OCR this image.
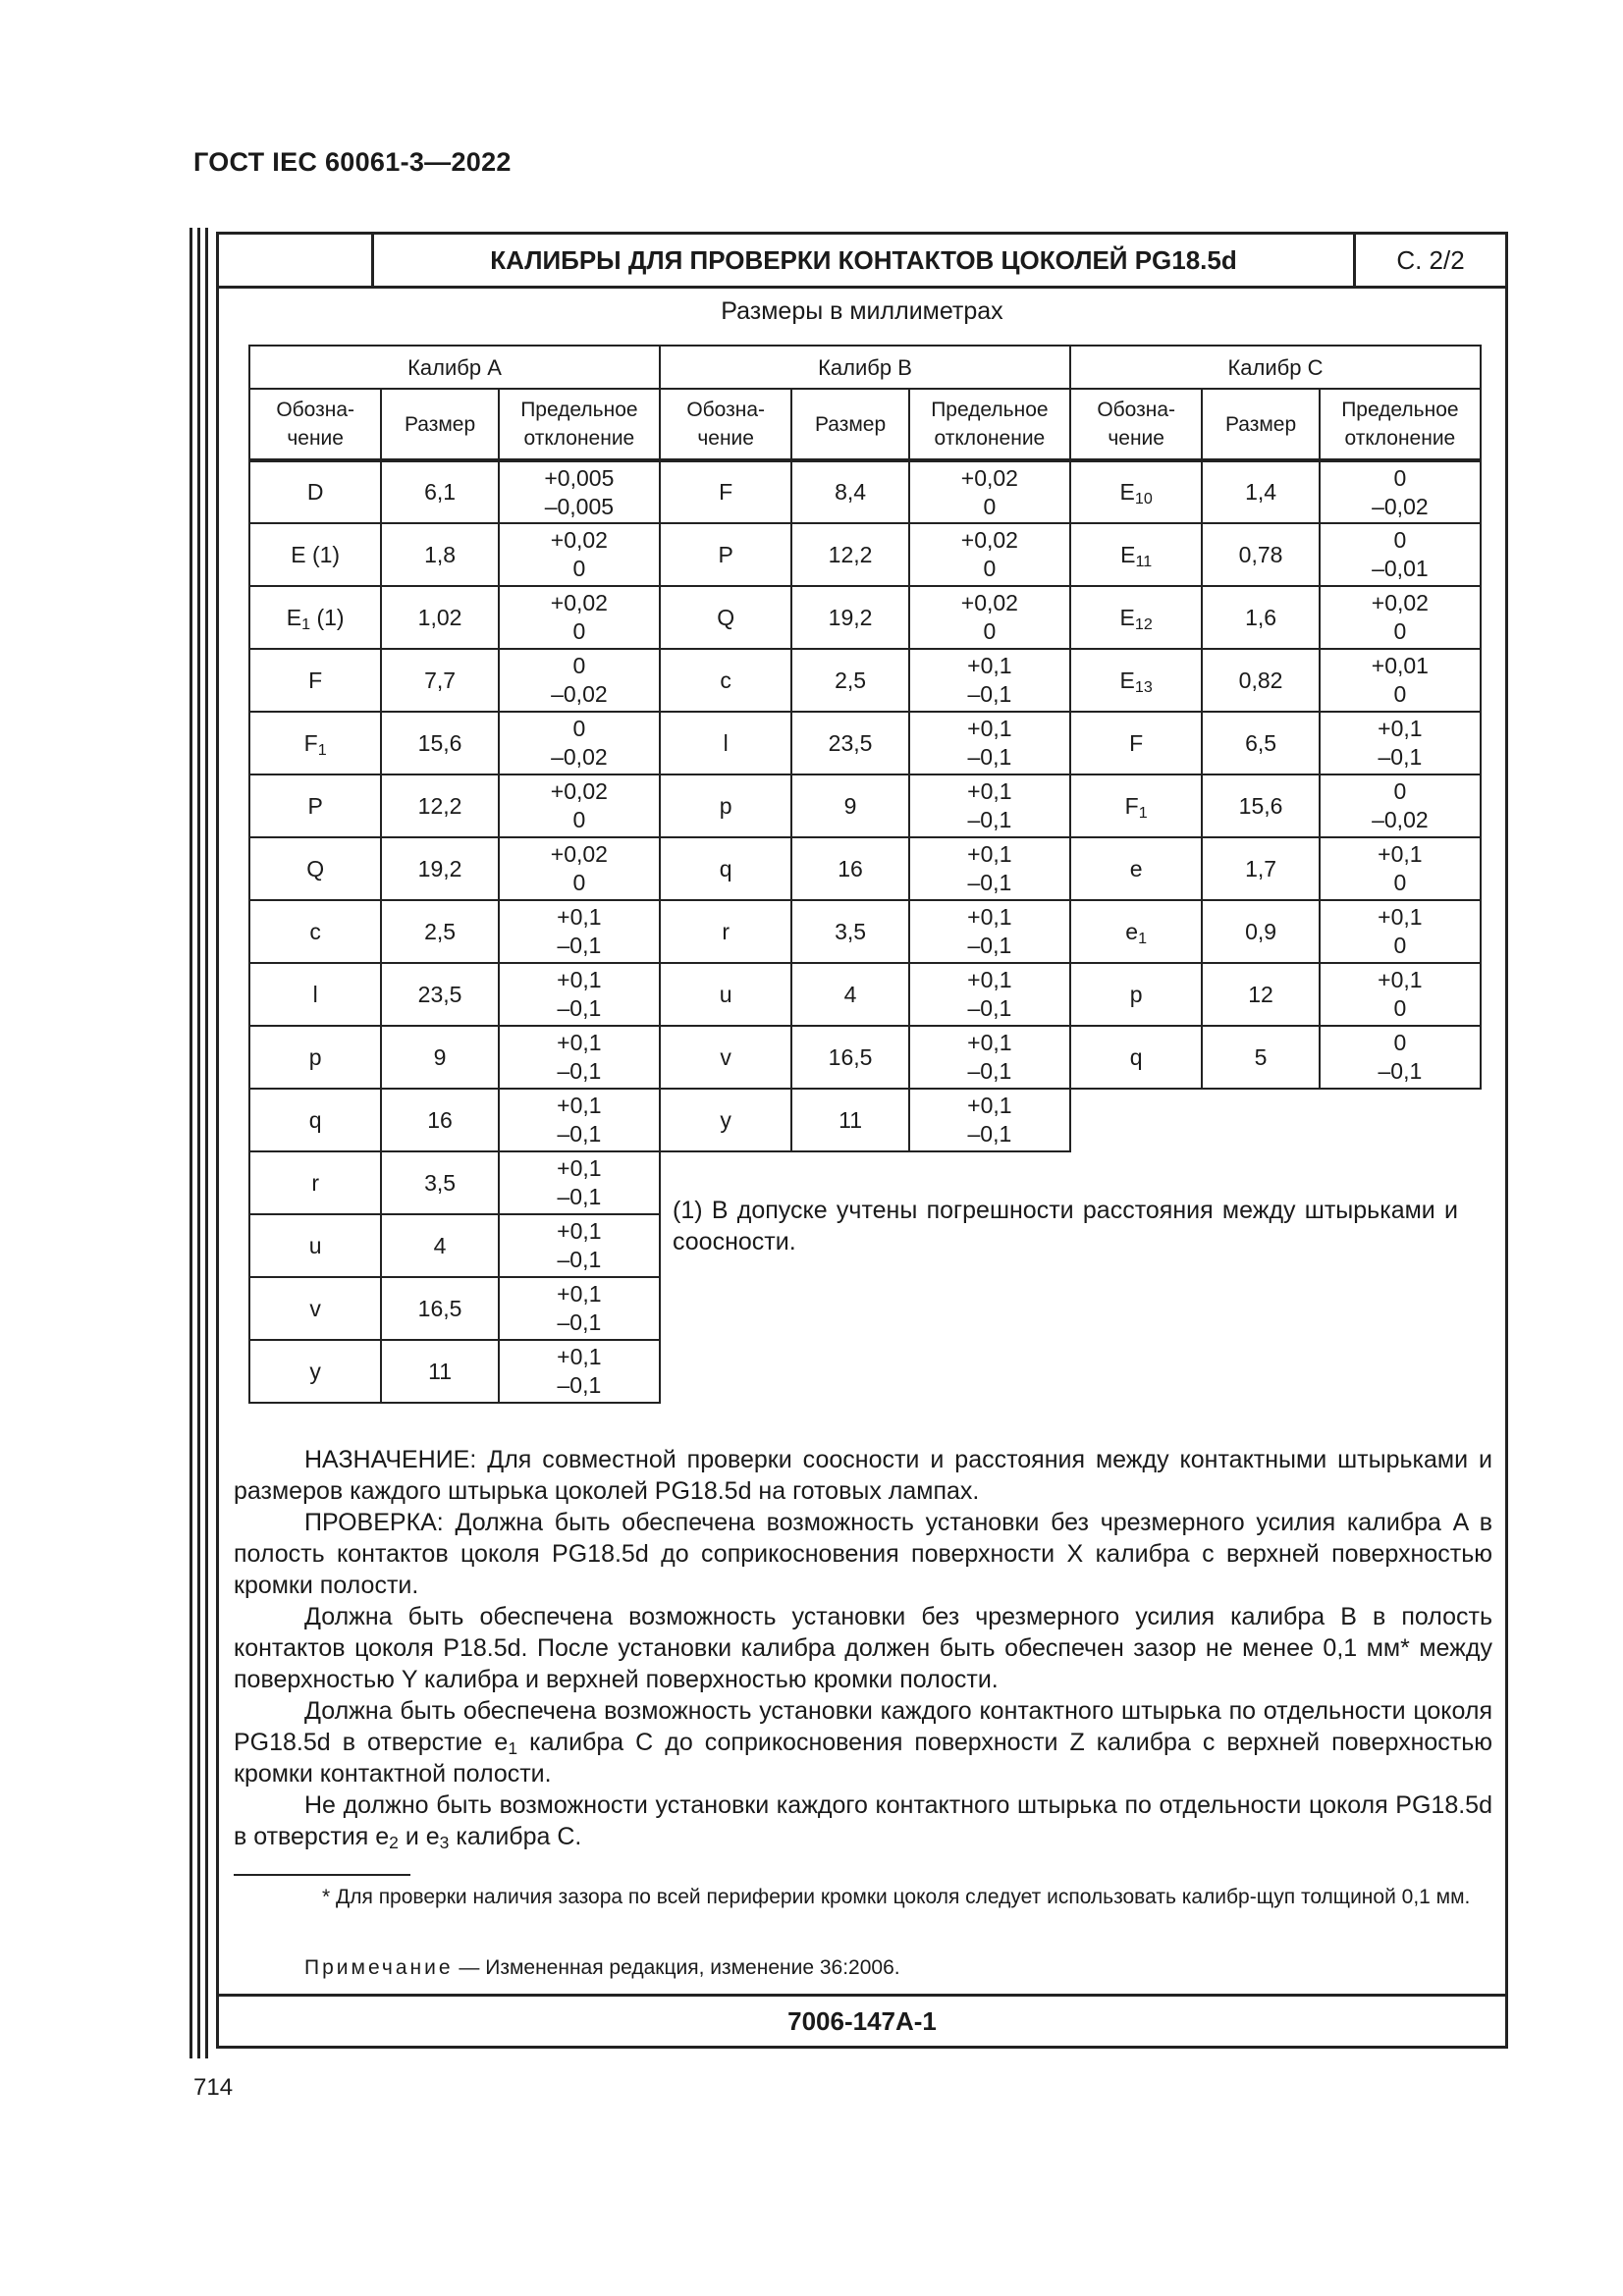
ГОСТ IEC 60061-3—2022
КАЛИБРЫ ДЛЯ ПРОВЕРКИ КОНТАКТОВ ЦОКОЛЕЙ PG18.5d	С. 2/2
Размеры в миллиметрах
Калибр A		
Обозна-чение	Размер	Предельное отклонение
D	6,1	+0,005
–0,005

E (1)	1,8	+0,02
0

$E_1$ (1)	1,02	+0,02
0

F	7,7	0
–0,02

$F_1$	15,6	0
–0,02

P	12,2	+0,02
0

Q	19,2	+0,02
0

c	2,5	+0,1
–0,1

l	23,5	+0,1
–0,1

p	9	+0,1
–0,1

q	16	+0,1
–0,1

r	3,5	+0,1
–0,1

u	4	+0,1
–0,1

v	16,5	+0,1
–0,1

y	11	+0,1
–0,1
Калибр B		
Обозна-чение	Размер	Предельное отклонение
F	8,4	+0,02
0

P	12,2	+0,02
0

Q	19,2	+0,02
0

c	2,5	+0,1
–0,1

l	23,5	+0,1
–0,1

p	9	+0,1
–0,1

q	16	+0,1
–0,1

r	3,5	+0,1
–0,1

u	4	+0,1
–0,1

v	16,5	+0,1
–0,1

y	11	+0,1
–0,1
Калибр C		
Обозна-чение	Размер	Предельное отклонение
$E_{10}$	1,4	0
–0,02

$E_{11}$	0,78	0
–0,01

$E_{12}$	1,6	+0,02
0

$E_{13}$	0,82	+0,01
0

F	6,5	+0,1
–0,1

$F_1$	15,6	0
–0,02

e	1,7	+0,1
0

$e_1$	0,9	+0,1
0

p	12	+0,1
0

q	5	0
–0,1
(1) В допуске учтены погрешности расстояния между штырьками и соосности.

НАЗНАЧЕНИЕ: Для совместной проверки соосности и расстояния между контактными штырьками и размеров каждого штырька цоколей PG18.5d на готовых лампах.

ПРОВЕРКА: Должна быть обеспечена возможность установки без чрезмерного усилия калибра A в полость контактов цоколя PG18.5d до соприкосновения поверхности X калибра с верхней поверхностью кромки полости.

Должна быть обеспечена возможность установки без чрезмерного усилия калибра B в полость контактов цоколя P18.5d. После установки калибра должен быть обеспечен зазор не менее 0,1 мм* между поверхностью Y калибра и верхней поверхностью кромки полости.

Должна быть обеспечена возможность установки каждого контактного штырька по отдельности цоколя PG18.5d в отверстие $e_1$ калибра C до соприкосновения поверхности Z калибра с верхней поверхностью кромки контактной полости.

Не должно быть возможности установки каждого контактного штырька по отдельности цоколя PG18.5d в отверстия $e_2$ и $e_3$ калибра C.

* Для проверки наличия зазора по всей периферии кромки цоколя следует использовать калибр-щуп толщиной 0,1 мм.
Примечание — Измененная редакция, изменение 36:2006.
7006-147A-1
714
